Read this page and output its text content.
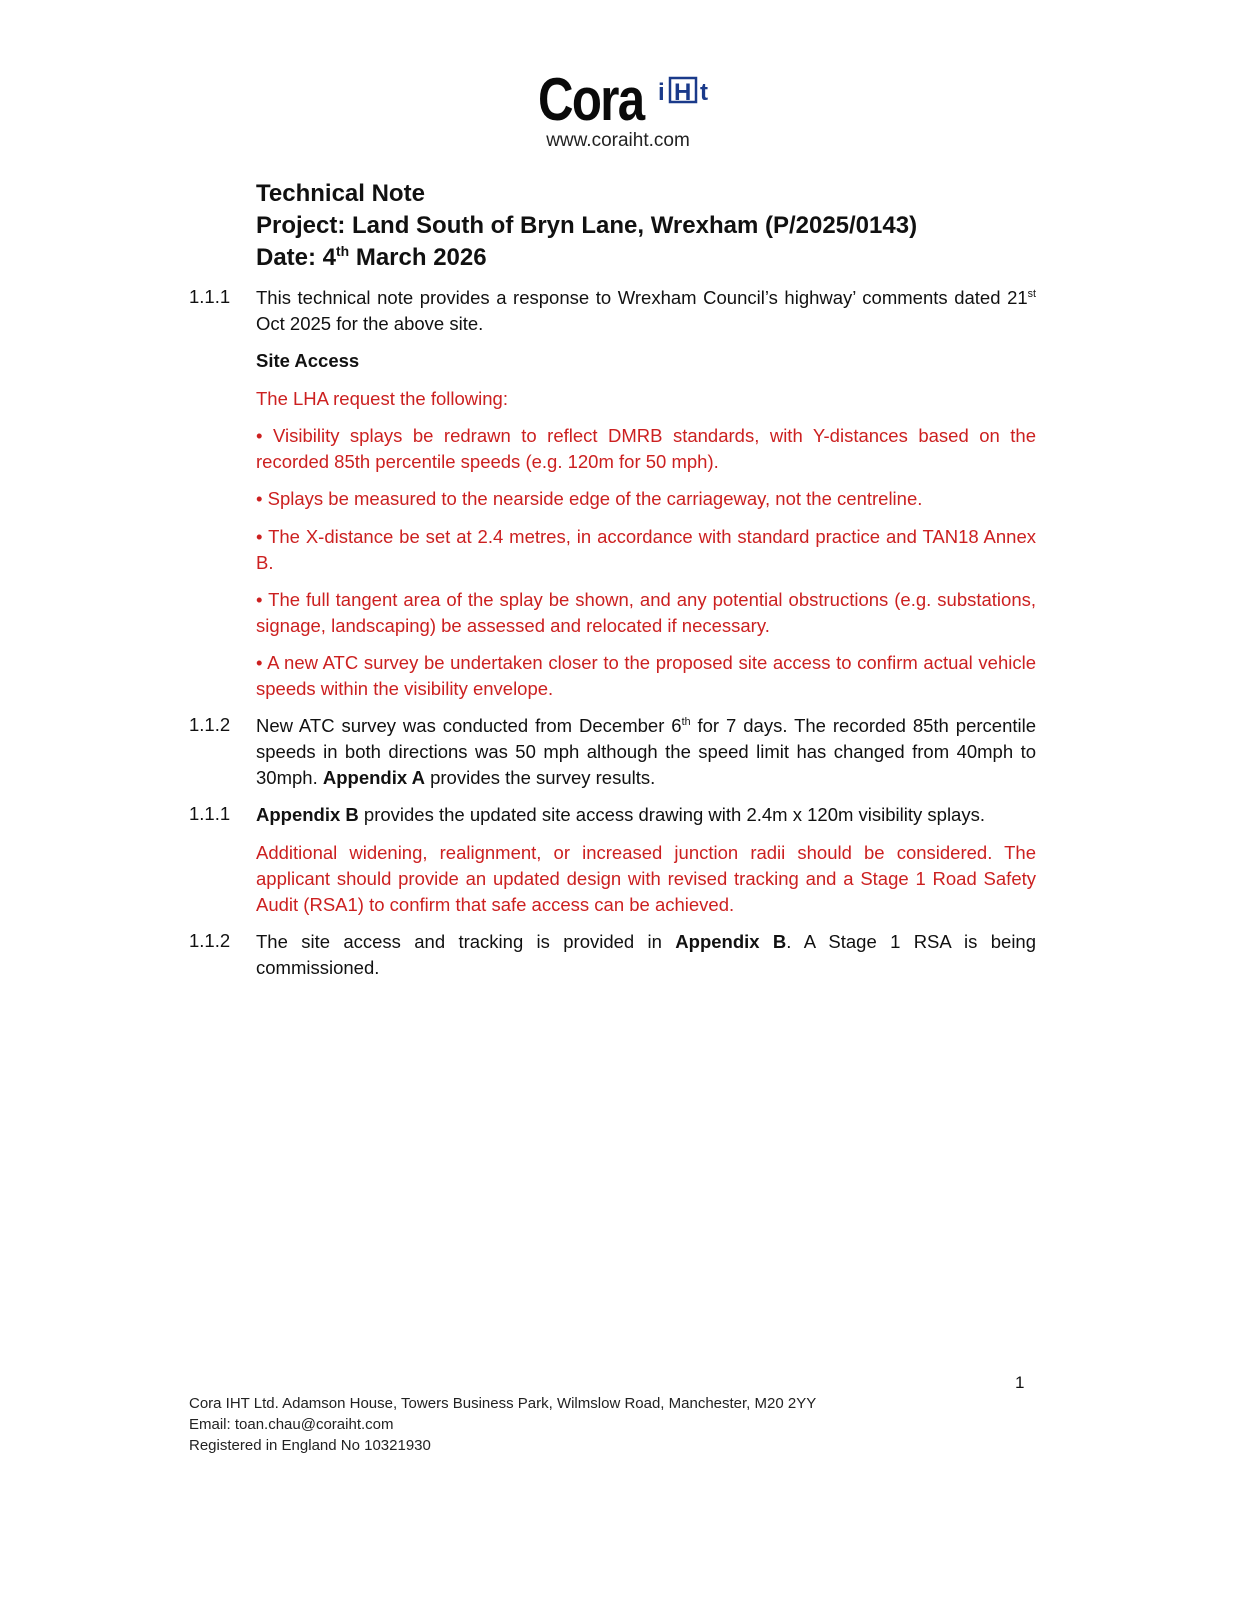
Cora i H t
www.coraiht.com
Technical Note
Project: Land South of Bryn Lane, Wrexham (P/2025/0143)
Date: 4th March 2026
1.1.1 This technical note provides a response to Wrexham Council’s highway’ comments dated 21st Oct 2025 for the above site.
Site Access
The LHA request the following:
• Visibility splays be redrawn to reflect DMRB standards, with Y-distances based on the recorded 85th percentile speeds (e.g. 120m for 50 mph).
• Splays be measured to the nearside edge of the carriageway, not the centreline.
• The X-distance be set at 2.4 metres, in accordance with standard practice and TAN18 Annex B.
• The full tangent area of the splay be shown, and any potential obstructions (e.g. substations, signage, landscaping) be assessed and relocated if necessary.
• A new ATC survey be undertaken closer to the proposed site access to confirm actual vehicle speeds within the visibility envelope.
1.1.2 New ATC survey was conducted from December 6th for 7 days. The recorded 85th percentile speeds in both directions was 50 mph although the speed limit has changed from 40mph to 30mph. Appendix A provides the survey results.
1.1.1 Appendix B provides the updated site access drawing with 2.4m x 120m visibility splays.
Additional widening, realignment, or increased junction radii should be considered. The applicant should provide an updated design with revised tracking and a Stage 1 Road Safety Audit (RSA1) to confirm that safe access can be achieved.
1.1.2 The site access and tracking is provided in Appendix B. A Stage 1 RSA is being commissioned.
1
Cora IHT Ltd. Adamson House, Towers Business Park, Wilmslow Road, Manchester, M20 2YY
Email: toan.chau@coraiht.com
Registered in England No 10321930
